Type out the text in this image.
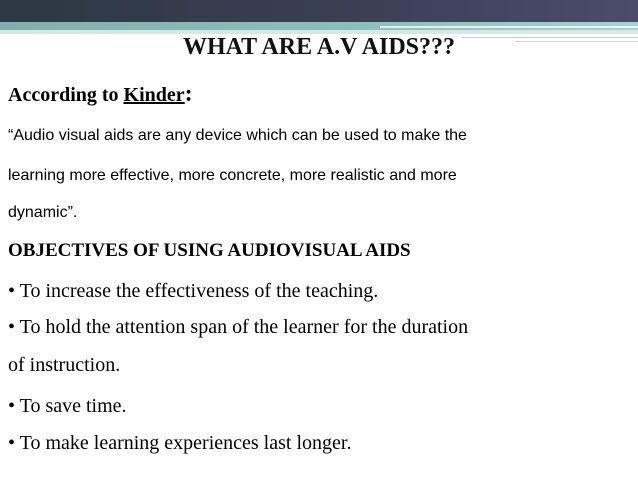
WHAT ARE A.V AIDS???

According to Kinder:

“Audio visual aids are any device which can be used to make the

learning more effective, more concrete, more realistic and more

dynamic”.

OBJECTIVES OF USING AUDIOVISUAL AIDS

• To increase the effectiveness of the teaching.

• To hold the attention span of the learner for the duration

of instruction.

• To save time.

• To make learning experiences last longer.
